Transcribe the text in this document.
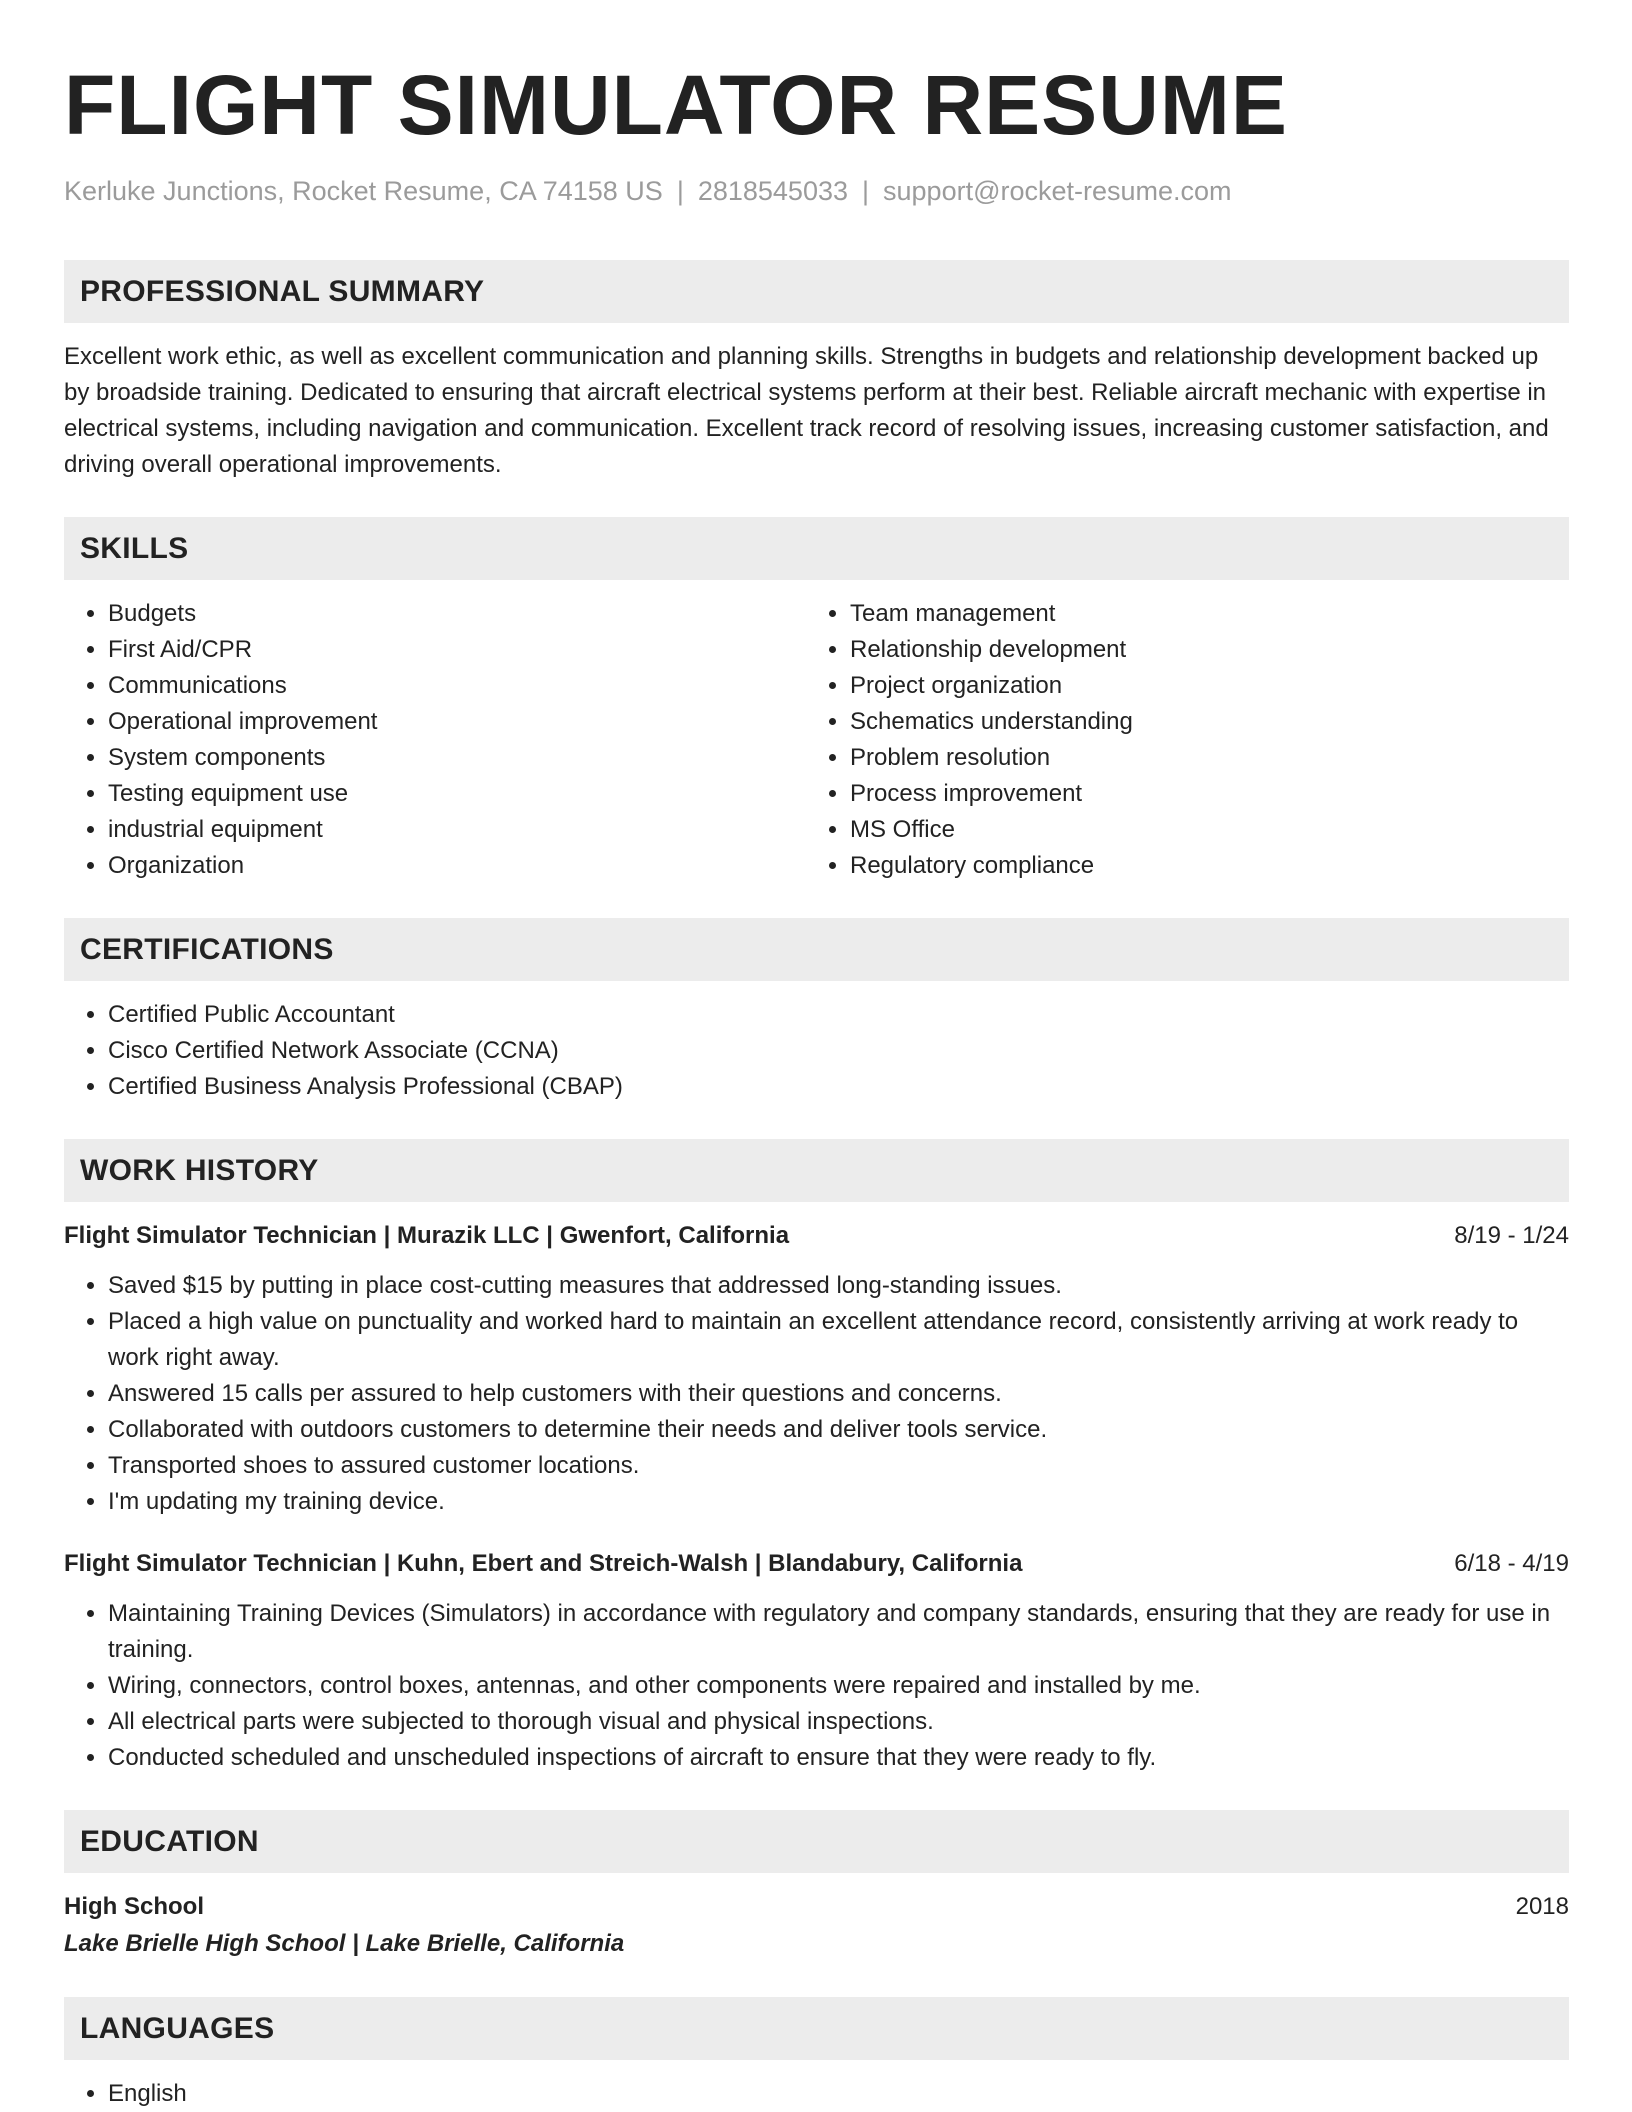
FLIGHT SIMULATOR RESUME
Kerluke Junctions, Rocket Resume, CA 74158 US | 2818545033 | support@rocket-resume.com
PROFESSIONAL SUMMARY

Excellent work ethic, as well as excellent communication and planning skills. Strengths in budgets and relationship development backed up by broadside training. Dedicated to ensuring that aircraft electrical systems perform at their best. Reliable aircraft mechanic with expertise in electrical systems, including navigation and communication. Excellent track record of resolving issues, increasing customer satisfaction, and driving overall operational improvements.

SKILLS
• Budgets
• First Aid/CPR
• Communications
• Operational improvement
• System components
• Testing equipment use
• industrial equipment
• Organization
• Team management
• Relationship development
• Project organization
• Schematics understanding
• Problem resolution
• Process improvement
• MS Office
• Regulatory compliance
CERTIFICATIONS
• Certified Public Accountant
• Cisco Certified Network Associate (CCNA)
• Certified Business Analysis Professional (CBAP)
WORK HISTORY
Flight Simulator Technician | Murazik LLC | Gwenfort, California	8/19 - 1/24
• Saved $15 by putting in place cost-cutting measures that addressed long-standing issues.
• Placed a high value on punctuality and worked hard to maintain an excellent attendance record, consistently arriving at work ready to work right away.
• Answered 15 calls per assured to help customers with their questions and concerns.
• Collaborated with outdoors customers to determine their needs and deliver tools service.
• Transported shoes to assured customer locations.
• I'm updating my training device.
Flight Simulator Technician | Kuhn, Ebert and Streich-Walsh | Blandabury, California	6/18 - 4/19
• Maintaining Training Devices (Simulators) in accordance with regulatory and company standards, ensuring that they are ready for use in training.
• Wiring, connectors, control boxes, antennas, and other components were repaired and installed by me.
• All electrical parts were subjected to thorough visual and physical inspections.
• Conducted scheduled and unscheduled inspections of aircraft to ensure that they were ready to fly.
EDUCATION
High School	2018
Lake Brielle High School | Lake Brielle, California
LANGUAGES
• English
